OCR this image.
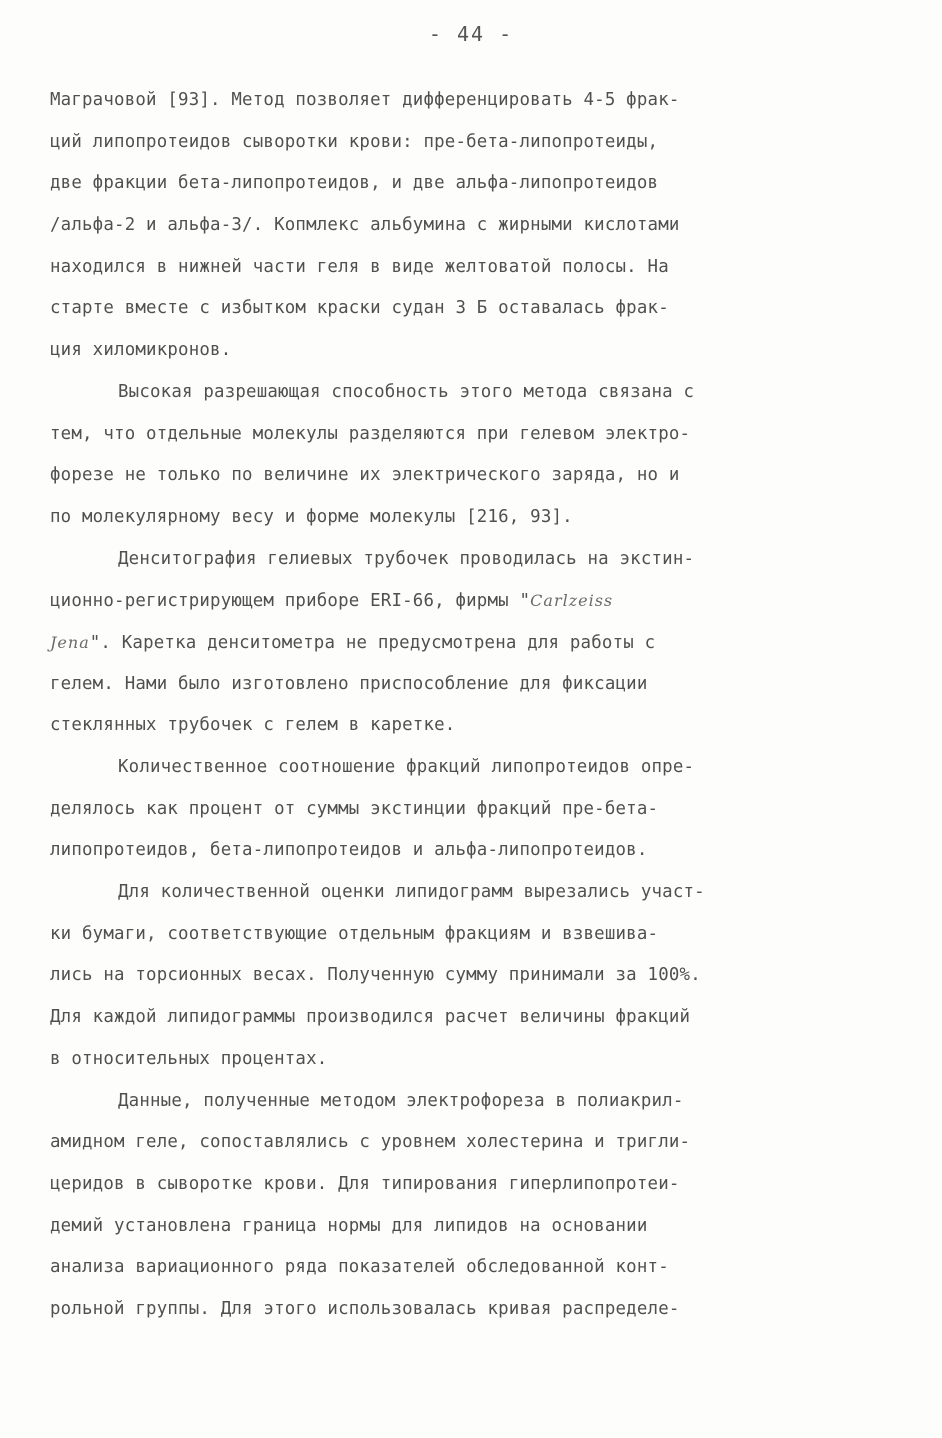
- 44 -
Маграчовой [93]. Метод позволяет дифференцировать 4-5 фрак-
ций липопротеидов сыворотки крови: пре-бета-липопротеиды,
две фракции бета-липопротеидов, и две альфа-липопротеидов
/альфа-2 и альфа-3/. Копмлекс альбумина с жирными кислотами
находился в нижней части геля в виде желтоватой полосы. На
старте вместе с избытком краски судан 3 Б оставалась фрак-
ция хиломикронов.
Высокая разрешающая способность этого метода связана с
тем, что отдельные молекулы разделяются при гелевом электро-
форезе не только по величине их электрического заряда, но и
по молекулярному весу и форме молекулы [216, 93].
Денситография гелиевых трубочек проводилась на экстин-
ционно-регистрирующем приборе ERI-66, фирмы "Carlzeiss
Jena". Каретка денситометра не предусмотрена для работы с
гелем. Нами было изготовлено приспособление для фиксации
стеклянных трубочек с гелем в каретке.
Количественное соотношение фракций липопротеидов опре-
делялось как процент от суммы экстинции фракций пре-бета-
липопротеидов, бета-липопротеидов и альфа-липопротеидов.
Для количественной оценки липидограмм вырезались участ-
ки бумаги, соответствующие отдельным фракциям и взвешива-
лись на торсионных весах. Полученную сумму принимали за 100%.
Для каждой липидограммы производился расчет величины фракций
в относительных процентах.
Данные, полученные методом электрофореза в полиакрил-
амидном геле, сопоставлялись с уровнем холестерина и тригли-
церидов в сыворотке крови. Для типирования гиперлипопротеи-
демий установлена граница нормы для липидов на основании
анализа вариационного ряда показателей обследованной конт-
рольной группы. Для этого использовалась кривая распределе-
